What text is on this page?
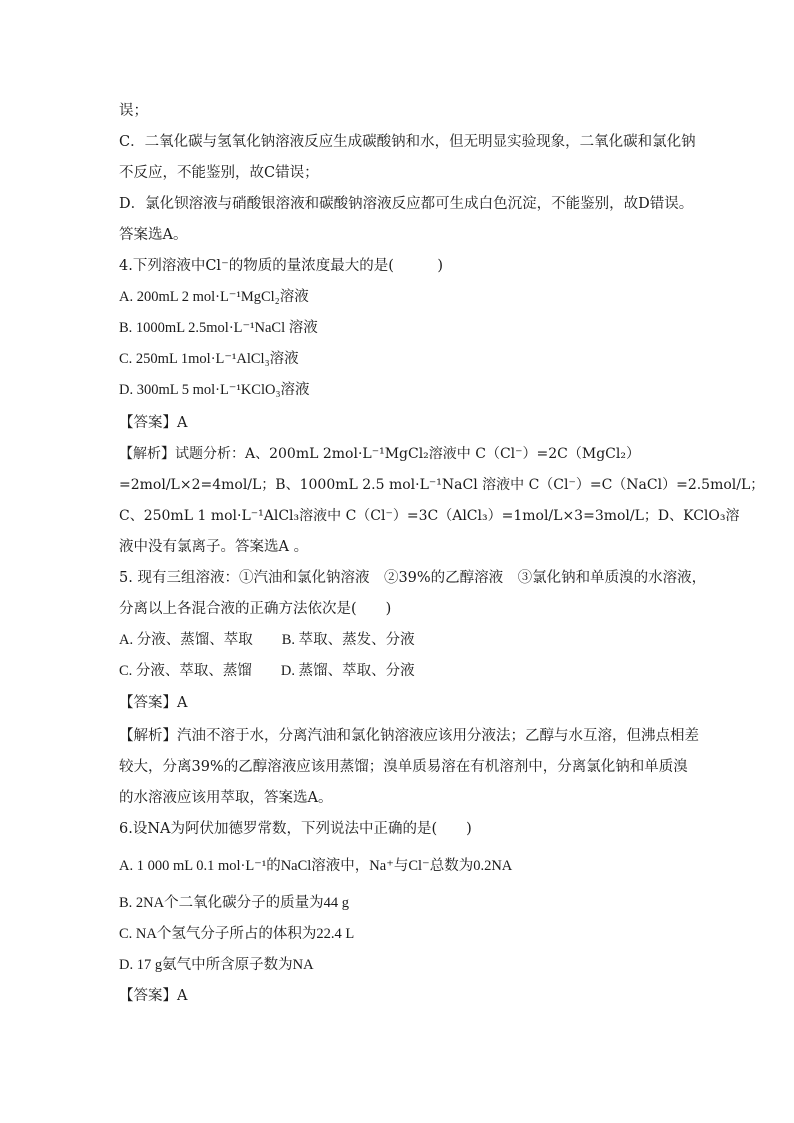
误；
C．二氧化碳与氢氧化钠溶液反应生成碳酸钠和水，但无明显实验现象，二氧化碳和氯化钠
不反应，不能鉴别，故C错误；
D．氯化钡溶液与硝酸银溶液和碳酸钠溶液反应都可生成白色沉淀，不能鉴别，故D错误。
答案选A。
4.下列溶液中Cl⁻的物质的量浓度最大的是(　　　)
A. 200mL 2 mol·L⁻¹MgCl₂溶液
B. 1000mL 2.5mol·L⁻¹NaCl 溶液
C. 250mL 1mol·L⁻¹AlCl₃溶液
D. 300mL 5 mol·L⁻¹KClO₃溶液
【答案】A
【解析】试题分析：A、200mL 2mol·L⁻¹MgCl₂溶液中 C（Cl⁻）=2C（MgCl₂）
=2mol/L×2=4mol/L；B、1000mL 2.5 mol·L⁻¹NaCl 溶液中 C（Cl⁻）=C（NaCl）=2.5mol/L；
C、250mL 1 mol·L⁻¹AlCl₃溶液中 C（Cl⁻）=3C（AlCl₃）=1mol/L×3=3mol/L；D、KClO₃溶
液中没有氯离子。答案选A 。
5. 现有三组溶液：①汽油和氯化钠溶液　②39%的乙醇溶液　③氯化钠和单质溴的水溶液，
分离以上各混合液的正确方法依次是(　　)
A. 分液、蒸馏、萃取　　B. 萃取、蒸发、分液
C. 分液、萃取、蒸馏　　D. 蒸馏、萃取、分液
【答案】A
【解析】汽油不溶于水，分离汽油和氯化钠溶液应该用分液法；乙醇与水互溶，但沸点相差
较大，分离39%的乙醇溶液应该用蒸馏；溴单质易溶在有机溶剂中，分离氯化钠和单质溴
的水溶液应该用萃取，答案选A。
6.设NA为阿伏加德罗常数，下列说法中正确的是(　　)
A. 1 000 mL 0.1 mol·L⁻¹的NaCl溶液中，Na⁺与Cl⁻总数为0.2NA
B. 2NA个二氧化碳分子的质量为44 g
C. NA个氢气分子所占的体积为22.4 L
D. 17 g氨气中所含原子数为NA
【答案】A
